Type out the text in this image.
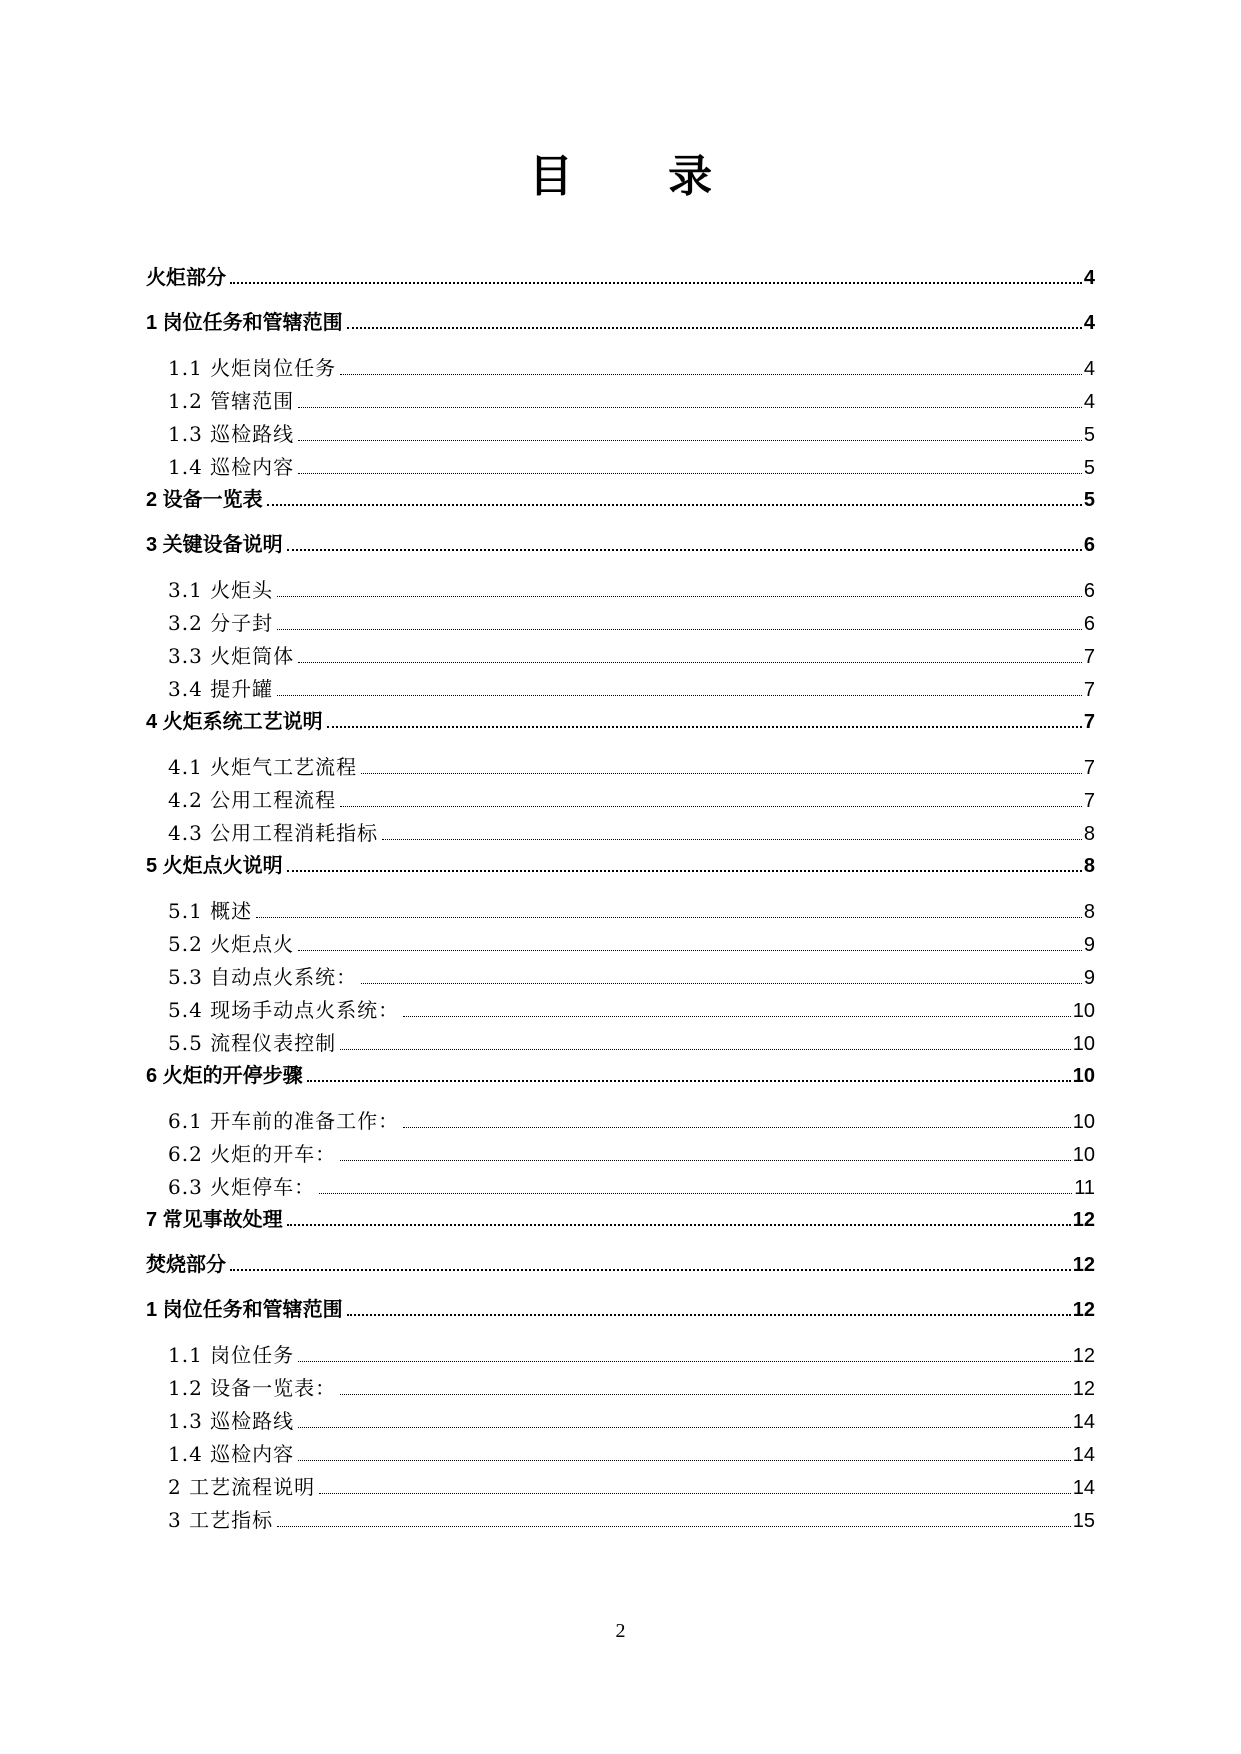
目 录
火炬部分	4
1 岗位任务和管辖范围	4
1.1 火炬岗位任务	4
1.2 管辖范围	4
1.3 巡检路线	5
1.4 巡检内容	5
2 设备一览表	5
3 关键设备说明	6
3.1 火炬头	6
3.2 分子封	6
3.3 火炬筒体	7
3.4 提升罐	7
4 火炬系统工艺说明	7
4.1 火炬气工艺流程	7
4.2 公用工程流程	7
4.3 公用工程消耗指标	8
5 火炬点火说明	8
5.1 概述	8
5.2 火炬点火	9
5.3 自动点火系统：	9
5.4 现场手动点火系统：	10
5.5 流程仪表控制	10
6 火炬的开停步骤	10
6.1 开车前的准备工作：	10
6.2 火炬的开车：	10
6.3 火炬停车：	11
7 常见事故处理	12
焚烧部分	12
1 岗位任务和管辖范围	12
1.1 岗位任务	12
1.2 设备一览表：	12
1.3 巡检路线	14
1.4 巡检内容	14
2 工艺流程说明	14
3 工艺指标	15
2
